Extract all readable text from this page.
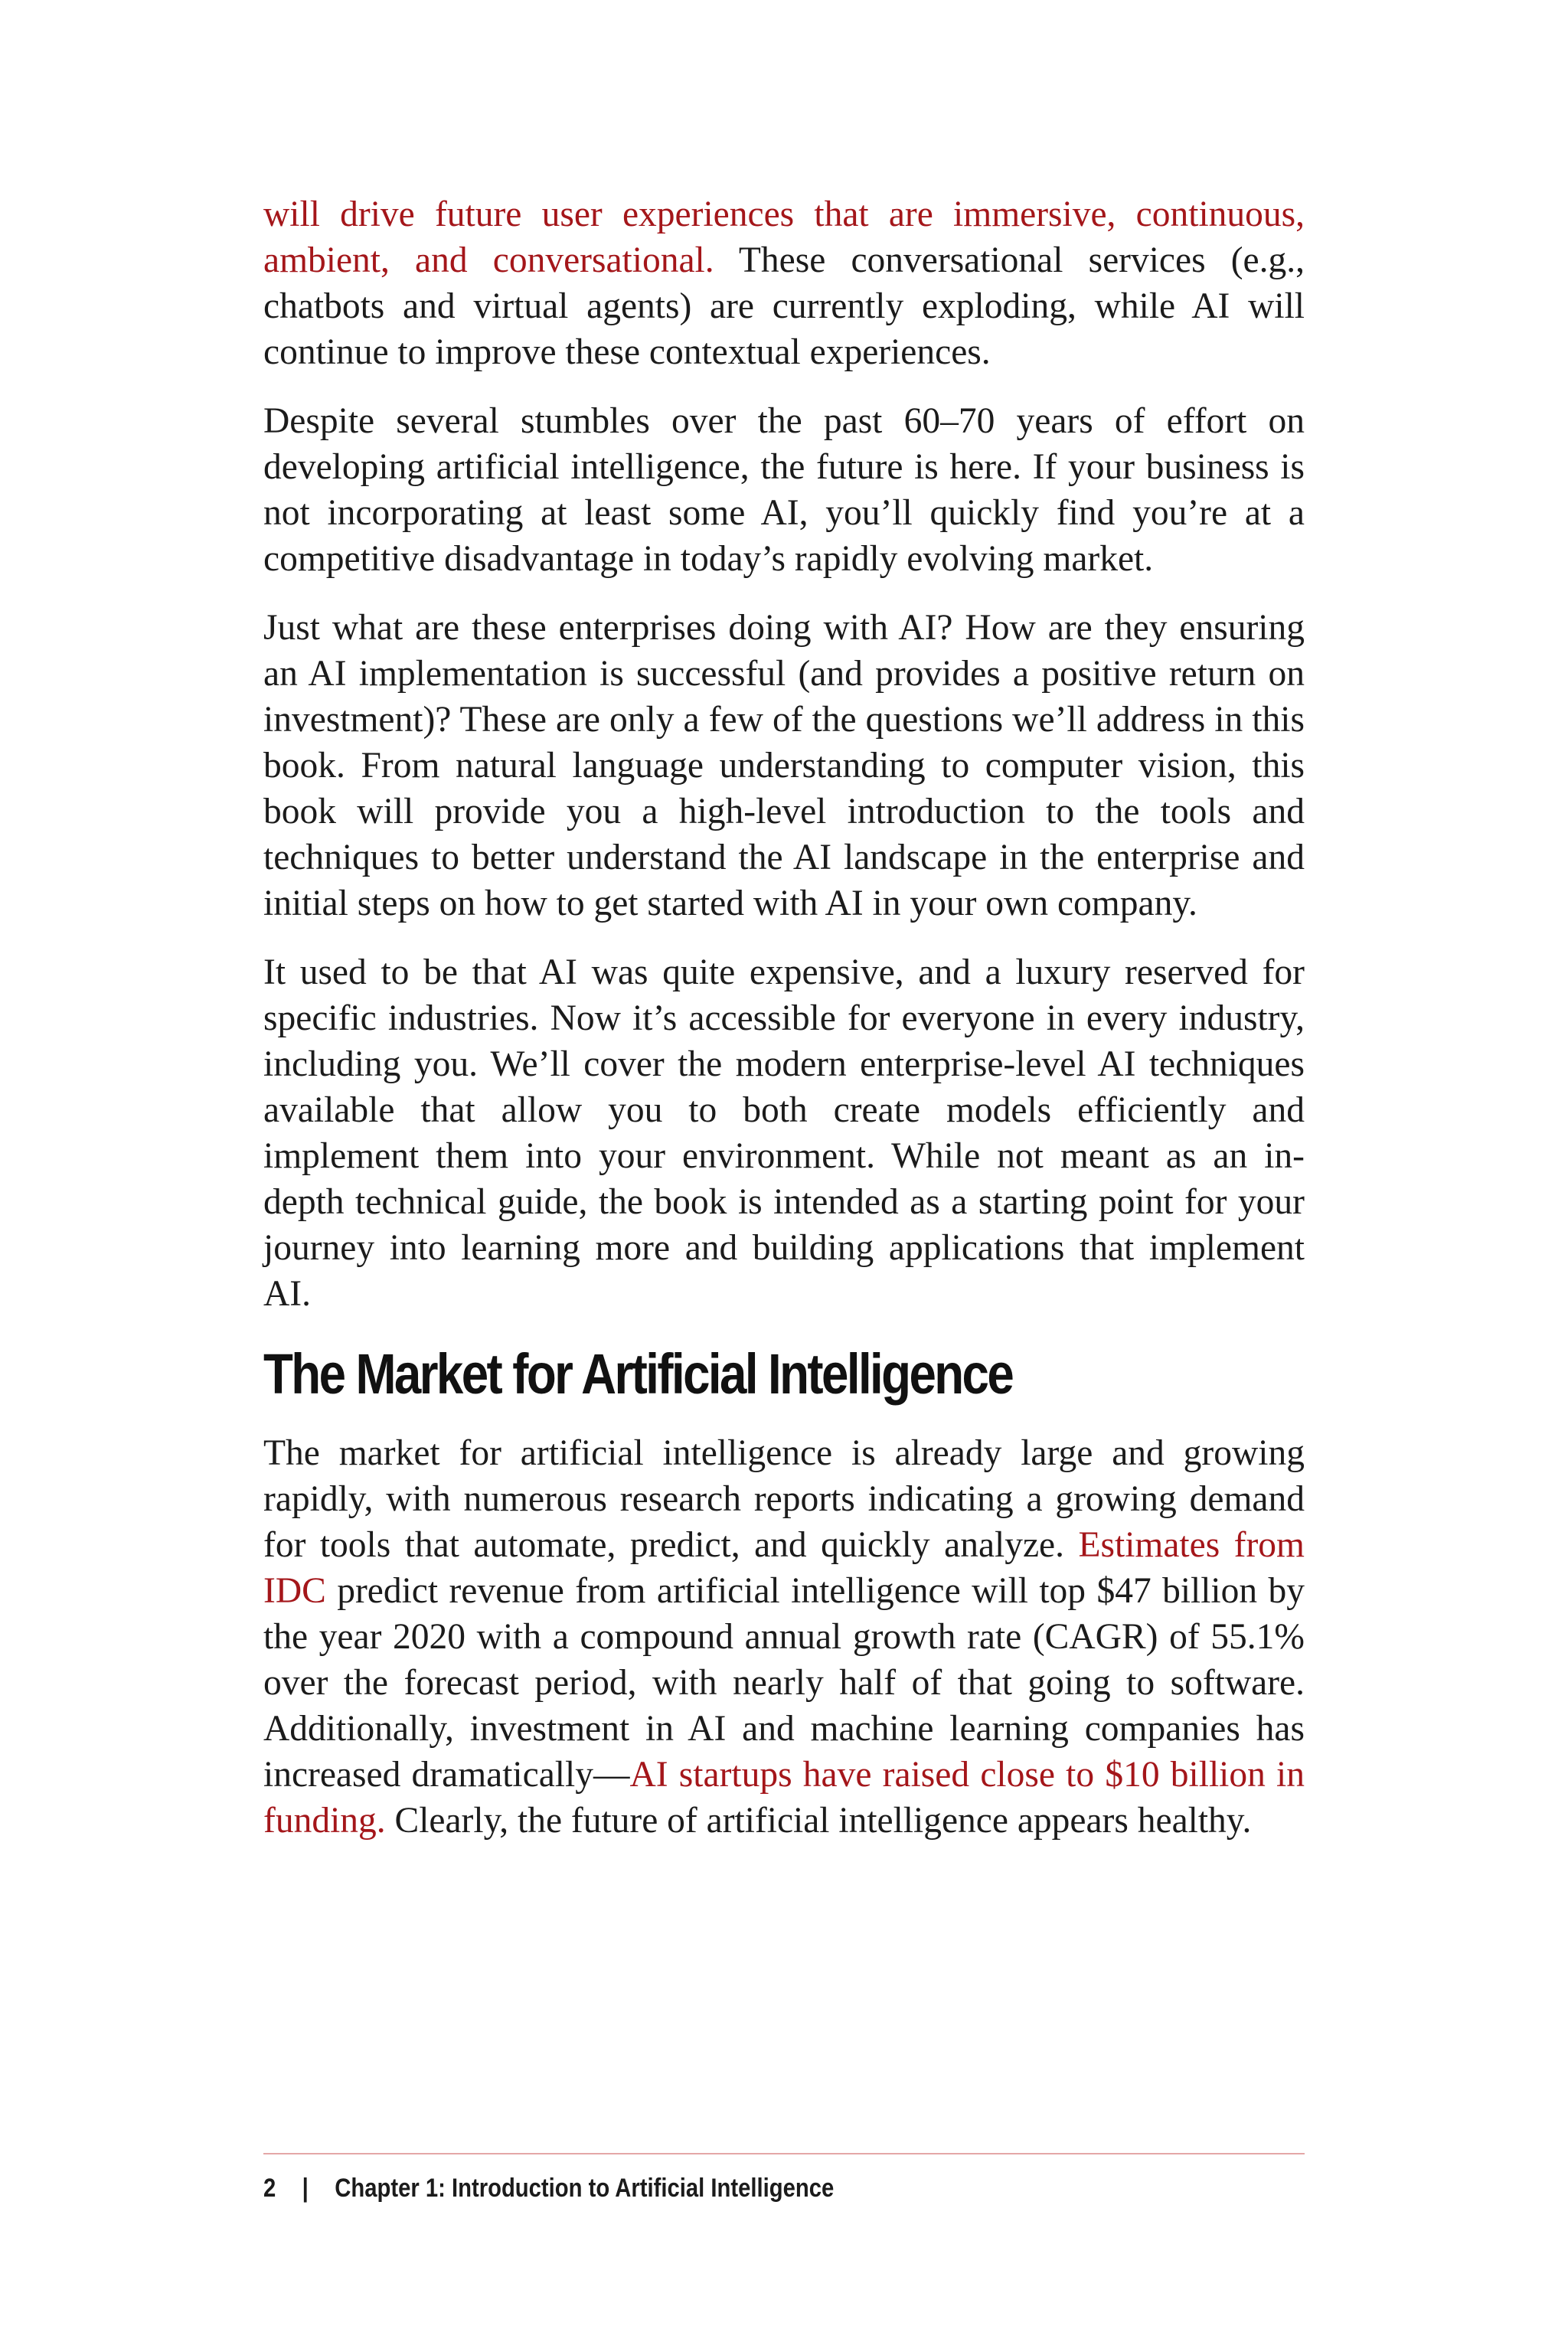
will drive future user experiences that are immersive, continuous, ambient, and conversational. These conversational services (e.g., chatbots and virtual agents) are currently exploding, while AI will continue to improve these contextual experiences.

Despite several stumbles over the past 60–70 years of effort on developing artificial intelligence, the future is here. If your business is not incorporating at least some AI, you’ll quickly find you’re at a competitive disadvantage in today’s rapidly evolving market.

Just what are these enterprises doing with AI? How are they ensuring an AI implementation is successful (and provides a positive return on investment)? These are only a few of the questions we’ll address in this book. From natural language understanding to computer vision, this book will provide you a high-level introduction to the tools and techniques to better understand the AI landscape in the enterprise and initial steps on how to get started with AI in your own company.

It used to be that AI was quite expensive, and a luxury reserved for specific industries. Now it’s accessible for everyone in every industry, including you. We’ll cover the modern enterprise-level AI techniques available that allow you to both create models efficiently and implement them into your environment. While not meant as an in-depth technical guide, the book is intended as a starting point for your journey into learning more and building applications that implement AI.

The Market for Artificial Intelligence

The market for artificial intelligence is already large and growing rapidly, with numerous research reports indicating a growing demand for tools that automate, predict, and quickly analyze. Estimates from IDC predict revenue from artificial intelligence will top $47 billion by the year 2020 with a compound annual growth rate (CAGR) of 55.1% over the forecast period, with nearly half of that going to software. Additionally, investment in AI and machine learning companies has increased dramatically—AI startups have raised close to $10 billion in funding. Clearly, the future of artificial intelligence appears healthy.

2 | Chapter 1: Introduction to Artificial Intelligence
